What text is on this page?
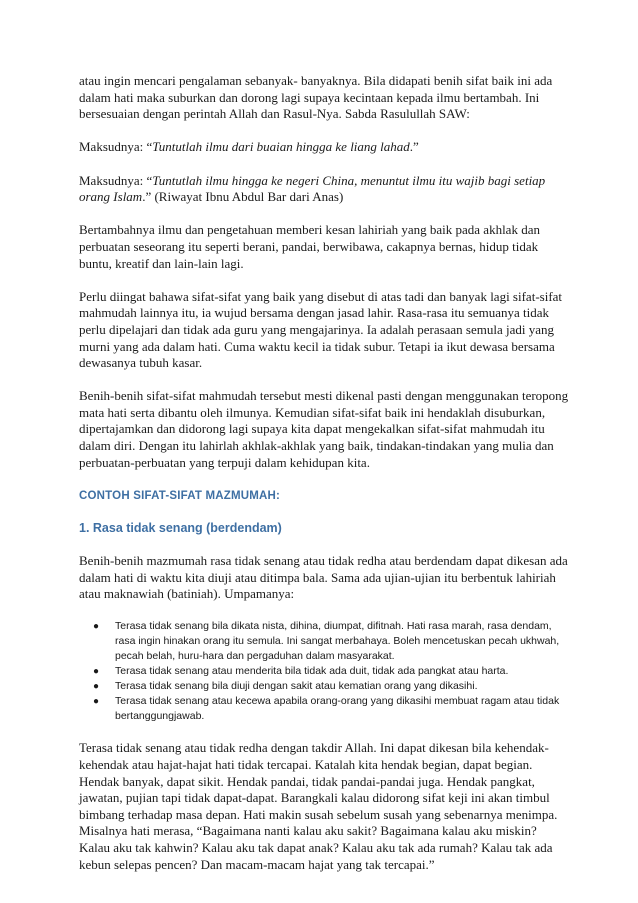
atau ingin mencari pengalaman sebanyak- banyaknya. Bila didapati benih sifat baik ini ada dalam hati maka suburkan dan dorong lagi supaya kecintaan kepada ilmu bertambah. Ini bersesuaian dengan perintah Allah dan Rasul-Nya. Sabda Rasulullah SAW:

Maksudnya: “Tuntutlah ilmu dari buaian hingga ke liang lahad.”

Maksudnya: “Tuntutlah ilmu hingga ke negeri China, menuntut ilmu itu wajib bagi setiap orang Islam.” (Riwayat Ibnu Abdul Bar dari Anas)

Bertambahnya ilmu dan pengetahuan memberi kesan lahiriah yang baik pada akhlak dan perbuatan seseorang itu seperti berani, pandai, berwibawa, cakapnya bernas, hidup tidak buntu, kreatif dan lain-lain lagi.

Perlu diingat bahawa sifat-sifat yang baik yang disebut di atas tadi dan banyak lagi sifat-sifat mahmudah lainnya itu, ia wujud bersama dengan jasad lahir. Rasa-rasa itu semuanya tidak perlu dipelajari dan tidak ada guru yang mengajarinya. Ia adalah perasaan semula jadi yang murni yang ada dalam hati. Cuma waktu kecil ia tidak subur. Tetapi ia ikut dewasa bersama dewasanya tubuh kasar.

Benih-benih sifat-sifat mahmudah tersebut mesti dikenal pasti dengan menggunakan teropong mata hati serta dibantu oleh ilmunya. Kemudian sifat-sifat baik ini hendaklah disuburkan, dipertajamkan dan didorong lagi supaya kita dapat mengekalkan sifat-sifat mahmudah itu dalam diri. Dengan itu lahirlah akhlak-akhlak yang baik, tindakan-tindakan yang mulia dan perbuatan-perbuatan yang terpuji dalam kehidupan kita.

CONTOH SIFAT-SIFAT MAZMUMAH:
1. Rasa tidak senang (berdendam)

Benih-benih mazmumah rasa tidak senang atau tidak redha atau berdendam dapat dikesan ada dalam hati di waktu kita diuji atau ditimpa bala. Sama ada ujian-ujian itu berbentuk lahiriah atau maknawiah (batiniah). Umpamanya:

● Terasa tidak senang bila dikata nista, dihina, diumpat, difitnah. Hati rasa marah, rasa dendam, rasa ingin hinakan orang itu semula. Ini sangat merbahaya. Boleh mencetuskan pecah ukhwah, pecah belah, huru-hara dan pergaduhan dalam masyarakat.
● Terasa tidak senang atau menderita bila tidak ada duit, tidak ada pangkat atau harta.
● Terasa tidak senang bila diuji dengan sakit atau kematian orang yang dikasihi.
● Terasa tidak senang atau kecewa apabila orang-orang yang dikasihi membuat ragam atau tidak bertanggungjawab.

Terasa tidak senang atau tidak redha dengan takdir Allah. Ini dapat dikesan bila kehendak-kehendak atau hajat-hajat hati tidak tercapai. Katalah kita hendak begian, dapat begian. Hendak banyak, dapat sikit. Hendak pandai, tidak pandai-pandai juga. Hendak pangkat, jawatan, pujian tapi tidak dapat-dapat. Barangkali kalau didorong sifat keji ini akan timbul bimbang terhadap masa depan. Hati makin susah sebelum susah yang sebenarnya menimpa. Misalnya hati merasa, “Bagaimana nanti kalau aku sakit? Bagaimana kalau aku miskin? Kalau aku tak kahwin? Kalau aku tak dapat anak? Kalau aku tak ada rumah? Kalau tak ada kebun selepas pencen? Dan macam-macam hajat yang tak tercapai.”
